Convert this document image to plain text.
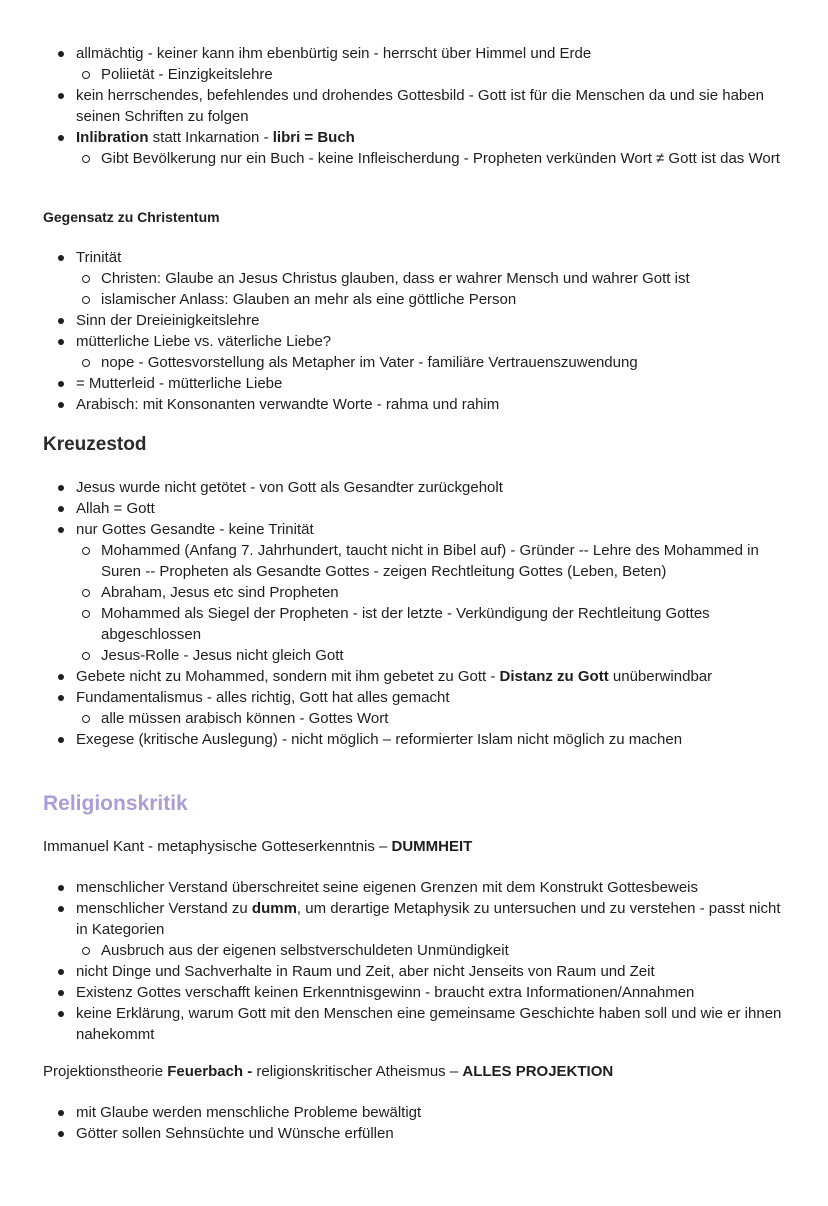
allmächtig - keiner kann ihm ebenbürtig sein - herrscht über Himmel und Erde
Poliietät - Einzigkeitslehre
kein herrschendes, befehlendes und drohendes Gottesbild - Gott ist für die Menschen da und sie haben seinen Schriften zu folgen
Inlibration statt Inkarnation - libri = Buch
Gibt Bevölkerung nur ein Buch - keine Infleischerdung - Propheten verkünden Wort ≠ Gott ist das Wort
Gegensatz zu Christentum
Trinität
Christen: Glaube an Jesus Christus glauben, dass er wahrer Mensch und wahrer Gott ist
islamischer Anlass: Glauben an mehr als eine göttliche Person
Sinn der Dreieinigkeitslehre
mütterliche Liebe vs. väterliche Liebe?
nope - Gottesvorstellung als Metapher im Vater - familiäre Vertrauenszuwendung
= Mutterleid - mütterliche Liebe
Arabisch: mit Konsonanten verwandte Worte - rahma und rahim
Kreuzestod
Jesus wurde nicht getötet - von Gott als Gesandter zurückgeholt
Allah = Gott
nur Gottes Gesandte - keine Trinität
Mohammed (Anfang 7. Jahrhundert, taucht nicht in Bibel auf) - Gründer -- Lehre des Mohammed in Suren -- Propheten als Gesandte Gottes - zeigen Rechtleitung Gottes (Leben, Beten)
Abraham, Jesus etc sind Propheten
Mohammed als Siegel der Propheten - ist der letzte - Verkündigung der Rechtleitung Gottes abgeschlossen
Jesus-Rolle - Jesus nicht gleich Gott
Gebete nicht zu Mohammed, sondern mit ihm gebetet zu Gott - Distanz zu Gott unüberwindbar
Fundamentalismus - alles richtig, Gott hat alles gemacht
alle müssen arabisch können - Gottes Wort
Exegese (kritische Auslegung) - nicht möglich – reformierter Islam nicht möglich zu machen
Religionskritik
Immanuel Kant - metaphysische Gotteserkenntnis – DUMMHEIT
menschlicher Verstand überschreitet seine eigenen Grenzen mit dem Konstrukt Gottesbeweis
menschlicher Verstand zu dumm, um derartige Metaphysik zu untersuchen und zu verstehen - passt nicht in Kategorien
Ausbruch aus der eigenen selbstverschuldeten Unmündigkeit
nicht Dinge und Sachverhalte in Raum und Zeit, aber nicht Jenseits von Raum und Zeit
Existenz Gottes verschafft keinen Erkenntnisgewinn - braucht extra Informationen/Annahmen
keine Erklärung, warum Gott mit den Menschen eine gemeinsame Geschichte haben soll und wie er ihnen nahekommt
Projektionstheorie Feuerbach - religionskritischer Atheismus – ALLES PROJEKTION
mit Glaube werden menschliche Probleme bewältigt
Götter sollen Sehnsüchte und Wünsche erfüllen
